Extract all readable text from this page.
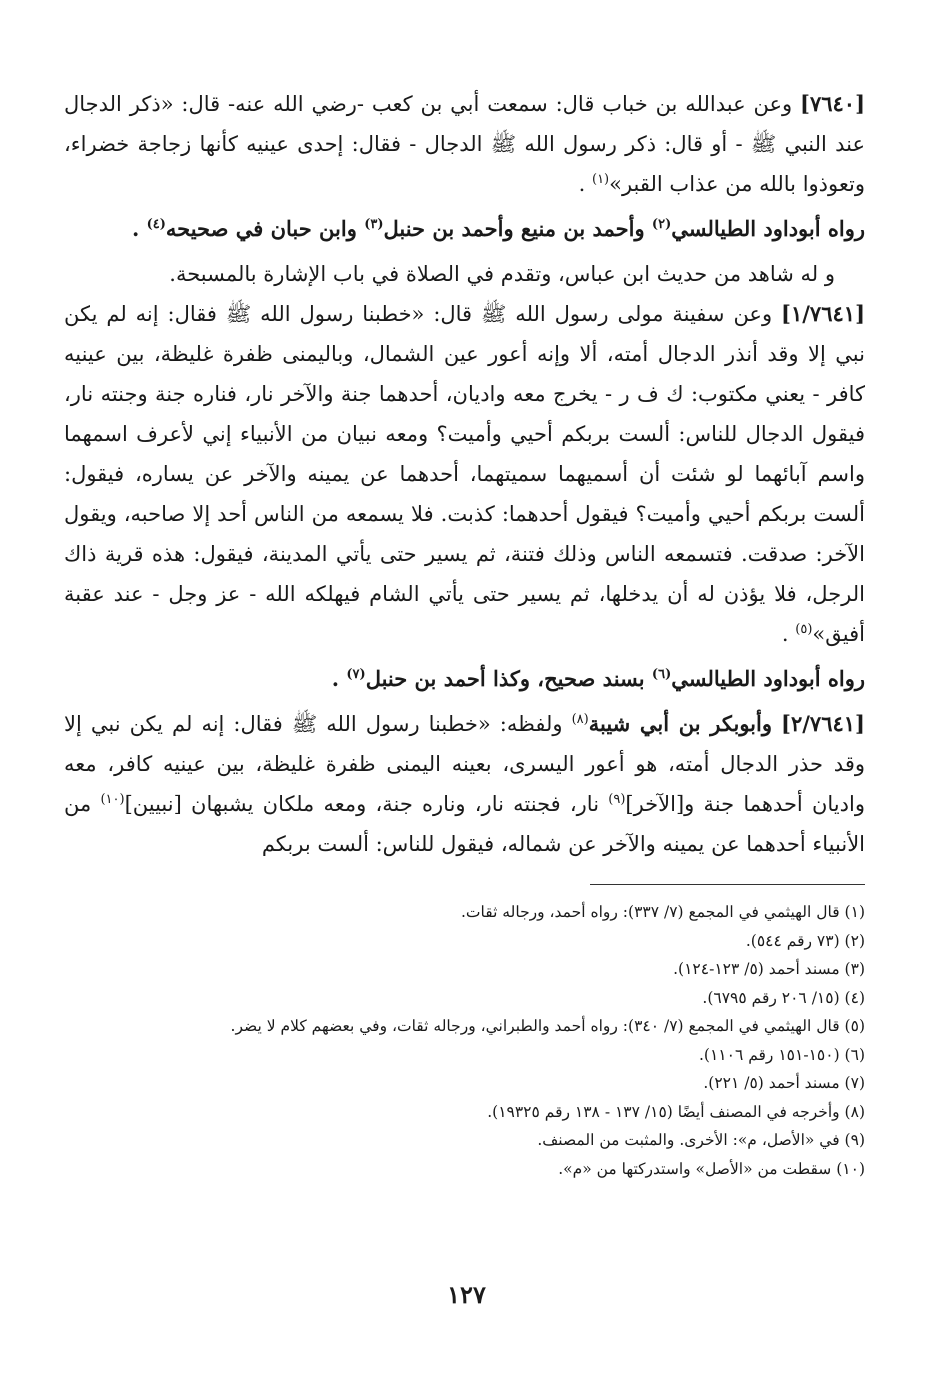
[٧٦٤٠] وعن عبدالله بن خباب قال: سمعت أبي بن كعب -رضي الله عنه- قال: «ذكر الدجال عند النبي ﷺ - أو قال: ذكر رسول الله ﷺ الدجال - فقال: إحدى عينيه كأنها زجاجة خضراء، وتعوذوا بالله من عذاب القبر»$^{(١)}$ .

رواه أبوداود الطيالسي$^{(٢)}$ وأحمد بن منيع وأحمد بن حنبل$^{(٣)}$ وابن حبان في صحيحه$^{(٤)}$ .

و له شاهد من حديث ابن عباس، وتقدم في الصلاة في باب الإشارة بالمسبحة.

[١/٧٦٤١] وعن سفينة مولى رسول الله ﷺ قال: «خطبنا رسول الله ﷺ فقال: إنه لم يكن نبي إلا وقد أنذر الدجال أمته، ألا وإنه أعور عين الشمال، وباليمنى ظفرة غليظة، بين عينيه كافر - يعني مكتوب: ك ف ر - يخرج معه واديان، أحدهما جنة والآخر نار، فناره جنة وجنته نار، فيقول الدجال للناس: ألست بربكم أحيي وأميت؟ ومعه نبيان من الأنبياء إني لأعرف اسمهما واسم آبائهما لو شئت أن أسميهما سميتهما، أحدهما عن يمينه والآخر عن يساره، فيقول: ألست بربكم أحيي وأميت؟ فيقول أحدهما: كذبت. فلا يسمعه من الناس أحد إلا صاحبه، ويقول الآخر: صدقت. فتسمعه الناس وذلك فتنة، ثم يسير حتى يأتي المدينة، فيقول: هذه قرية ذاك الرجل، فلا يؤذن له أن يدخلها، ثم يسير حتى يأتي الشام فيهلكه الله - عز وجل - عند عقبة أفيق»$^{(٥)}$ .

رواه أبوداود الطيالسي$^{(٦)}$ بسند صحيح، وكذا أحمد بن حنبل$^{(٧)}$ .

[٢/٧٦٤١] وأبوبكر بن أبي شيبة$^{(٨)}$ ولفظه: «خطبنا رسول الله ﷺ فقال: إنه لم يكن نبي إلا وقد حذر الدجال أمته، هو أعور اليسرى، بعينه اليمنى ظفرة غليظة، بين عينيه كافر، معه واديان أحدهما جنة و[الآخر]$^{(٩)}$ نار، فجنته نار، وناره جنة، ومعه ملكان يشبهان [نبيين]$^{(١٠)}$ من الأنبياء أحدهما عن يمينه والآخر عن شماله، فيقول للناس: ألست بربكم

(١) قال الهيثمي في المجمع (٧/ ٣٣٧): رواه أحمد، ورجاله ثقات.

(٢) (٧٣ رقم ٥٤٤).

(٣) مسند أحمد (٥/ ١٢٣-١٢٤).

(٤) (١٥/ ٢٠٦ رقم ٦٧٩٥).

(٥) قال الهيثمي في المجمع (٧/ ٣٤٠): رواه أحمد والطبراني، ورجاله ثقات، وفي بعضهم كلام لا يضر.

(٦) (١٥٠-١٥١ رقم ١١٠٦).

(٧) مسند أحمد (٥/ ٢٢١).

(٨) وأخرجه في المصنف أيضًا (١٥/ ١٣٧ - ١٣٨ رقم ١٩٣٢٥).

(٩) في «الأصل، م»: الأخرى. والمثبت من المصنف.

(١٠) سقطت من «الأصل» واستدركتها من «م».

١٢٧
